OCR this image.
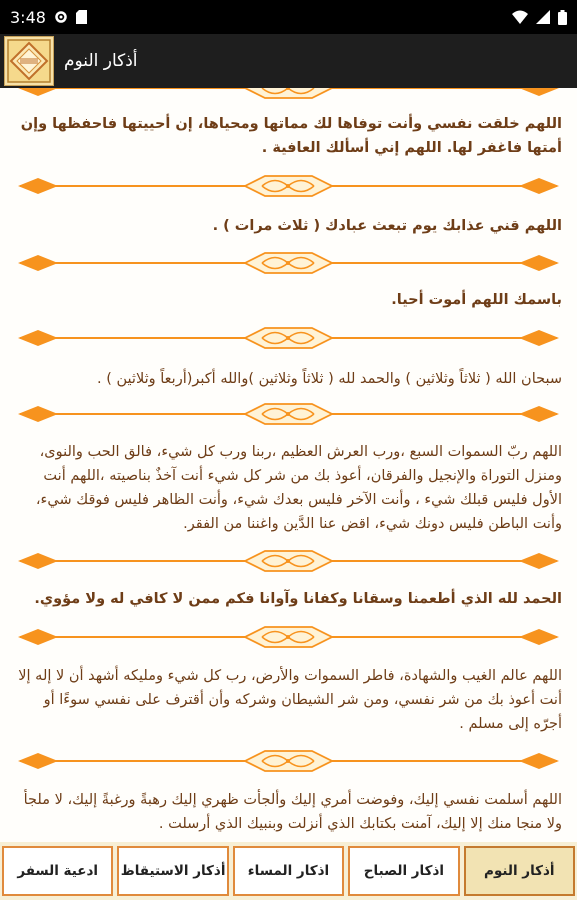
3:48
أذكار النوم
اللهم خلقت نفسي وأنت توفاها لك مماتها ومحياها، إن أحييتها فاحفظها وإن أمتها فاغفر لها. اللهم إني أسألك العافية .
اللهم قني عذابك يوم تبعث عبادك ( ثلاث مرات ) .
باسمك اللهم أموت أحيا.
سبحان الله ( ثلاثاً وثلاثين ) والحمد لله ( ثلاثاً وثلاثين )والله أكبر(أربعاً وثلاثين ) .
اللهم ربّ السموات السبع ،ورب العرش العظيم ،ربنا ورب كل شيء، فالق الحب والنوى، ومنزل التوراة والإنجيل والفرقان، أعوذ بك من شر كل شيء أنت آخذٌ بناصيته ،اللهم أنت الأول فليس قبلك شيء ، وأنت الآخر فليس بعدك شيء، وأنت الظاهر فليس فوقك شيء، وأنت الباطن فليس دونك شيء، اقض عنا الدَّين واغننا من الفقر.
الحمد لله الذي أطعمنا وسقانا وكفانا وآوانا فكم ممن لا كافي له ولا مؤوي.
اللهم عالم الغيب والشهادة، فاطر السموات والأرض، رب كل شيء ومليكه أشهد أن لا إله إلا أنت أعوذ بك من شر نفسي، ومن شر الشيطان وشركه وأن أقترف على نفسي سوءًا أو أجرّه إلى مسلم .
اللهم أسلمت نفسي إليك، وفوضت أمري إليك وألجأت ظهري إليك رهبةً ورغبةً إليك، لا ملجأ ولا منجا منك إلا إليك، آمنت بكتابك الذي أنزلت وبنبيك الذي أرسلت .
أذكار النوم
اذكار الصباح
اذكار المساء
أذكار الاستيقاظ
ادعية السفر
